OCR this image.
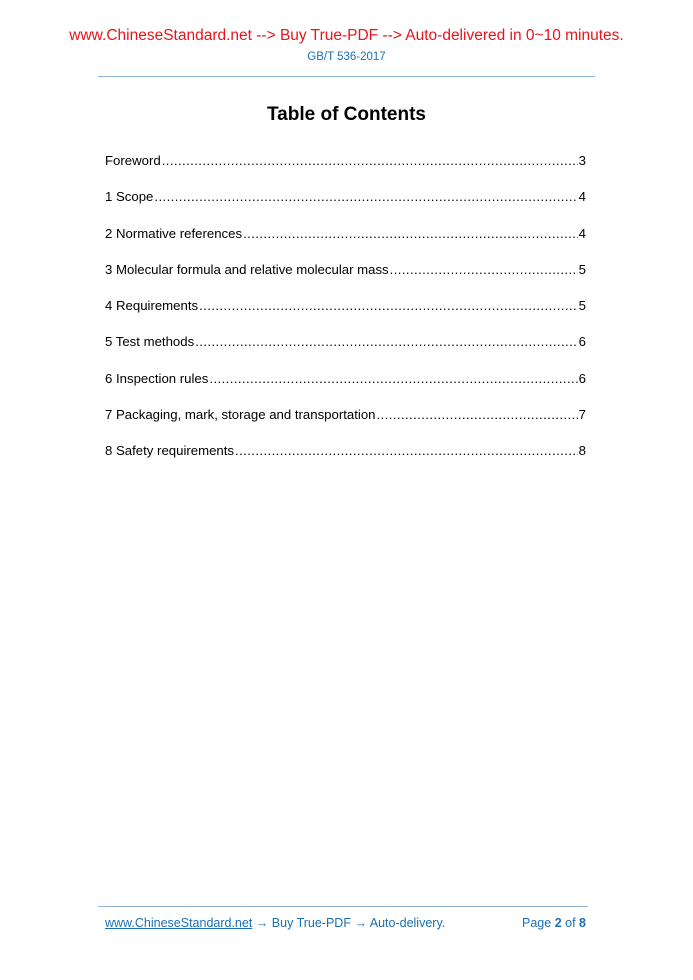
www.ChineseStandard.net --> Buy True-PDF --> Auto-delivered in 0~10 minutes.
GB/T 536-2017
Table of Contents
Foreword .....	3
1 Scope .....	4
2 Normative references .....	4
3 Molecular formula and relative molecular mass .....	5
4 Requirements .....	5
5 Test methods .....	6
6 Inspection rules .....	6
7 Packaging, mark, storage and transportation .....	7
8 Safety requirements .....	8
www.ChineseStandard.net → Buy True-PDF → Auto-delivery.	Page 2 of 8
